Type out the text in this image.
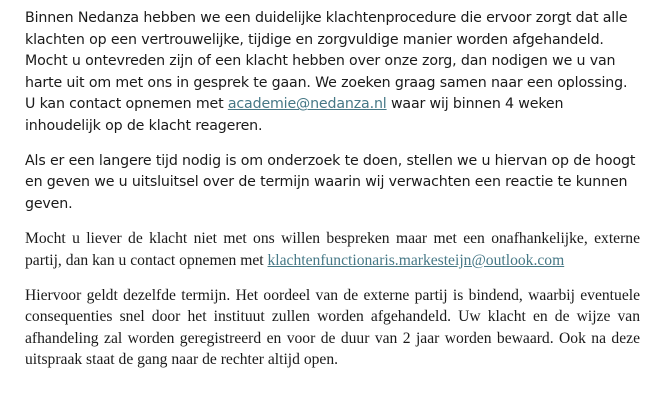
Binnen Nedanza hebben we een duidelijke klachtenprocedure die ervoor zorgt dat alle klachten op een vertrouwelijke, tijdige en zorgvuldige manier worden afgehandeld. Mocht u ontevreden zijn of een klacht hebben over onze zorg, dan nodigen we u van harte uit om met ons in gesprek te gaan. We zoeken graag samen naar een oplossing. U kan contact opnemen met academie@nedanza.nl waar wij binnen 4 weken inhoudelijk op de klacht reageren.

Als er een langere tijd nodig is om onderzoek te doen, stellen we u hiervan op de hoogt en geven we u uitsluitsel over de termijn waarin wij verwachten een reactie te kunnen geven.

Mocht u liever de klacht niet met ons willen bespreken maar met een onafhankelijke, externe partij, dan kan u contact opnemen met klachtenfunctionaris.markesteijn@outlook.com

Hiervoor geldt dezelfde termijn. Het oordeel van de externe partij is bindend, waarbij eventuele consequenties snel door het instituut zullen worden afgehandeld. Uw klacht en de wijze van afhandeling zal worden geregistreerd en voor de duur van 2 jaar worden bewaard. Ook na deze uitspraak staat de gang naar de rechter altijd open.
